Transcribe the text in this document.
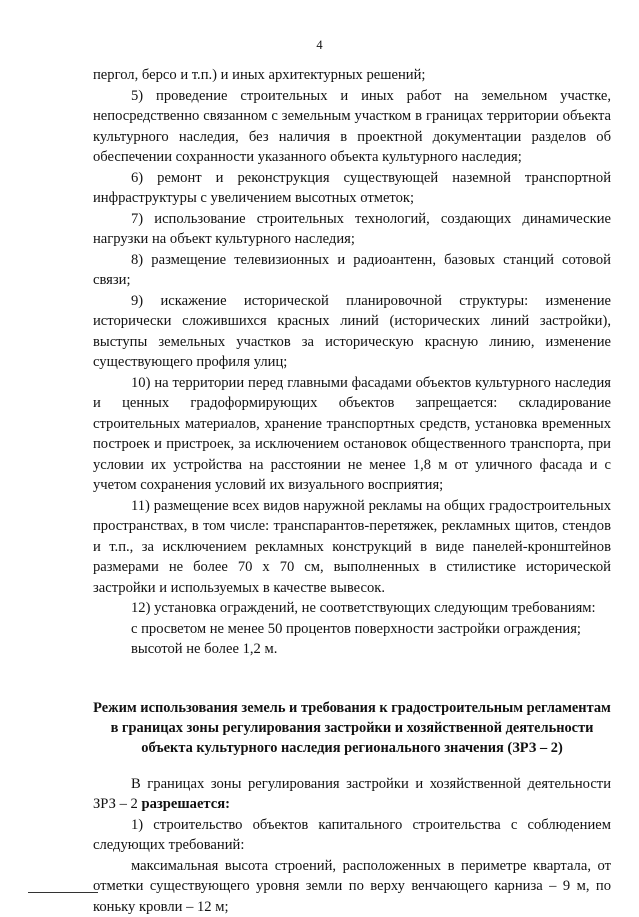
4

пергол, берсо и т.п.) и иных архитектурных решений;

5) проведение строительных и иных работ на земельном участке, непосредственно связанном с земельным участком в границах территории объекта культурного наследия, без наличия в проектной документации разделов об обеспечении сохранности указанного объекта культурного наследия;

6) ремонт и реконструкция существующей наземной транспортной инфраструктуры с увеличением высотных отметок;

7) использование строительных технологий, создающих динамические нагрузки на объект культурного наследия;

8) размещение телевизионных и радиоантенн, базовых станций сотовой связи;

9) искажение исторической планировочной структуры: изменение исторически сложившихся красных линий (исторических линий застройки), выступы земельных участков за историческую красную линию, изменение существующего профиля улиц;

10) на территории перед главными фасадами объектов культурного наследия и ценных градоформирующих объектов запрещается: складирование строительных материалов, хранение транспортных средств, установка временных построек и пристроек, за исключением остановок общественного транспорта, при условии их устройства на расстоянии не менее 1,8 м от уличного фасада и с учетом сохранения условий их визуального восприятия;

11) размещение всех видов наружной рекламы на общих градостроительных пространствах, в том числе: транспарантов-перетяжек, рекламных щитов, стендов и т.п., за исключением рекламных конструкций в виде панелей-кронштейнов размерами не более 70 х 70 см, выполненных в стилистике исторической застройки и используемых в качестве вывесок.

12) установка ограждений, не соответствующих следующим требованиям:

с просветом не менее 50 процентов поверхности застройки ограждения;

высотой не более 1,2 м.

Режим использования земель и требования к градостроительным регламентам в границах зоны регулирования застройки и хозяйственной деятельности объекта культурного наследия регионального значения (ЗРЗ – 2)

В границах зоны регулирования застройки и хозяйственной деятельности ЗРЗ – 2 разрешается:

1) строительство объектов капитального строительства с соблюдением следующих требований:

максимальная высота строений, расположенных в периметре квартала, от отметки существующего уровня земли по верху венчающего карниза – 9 м, по коньку кровли – 12 м;
